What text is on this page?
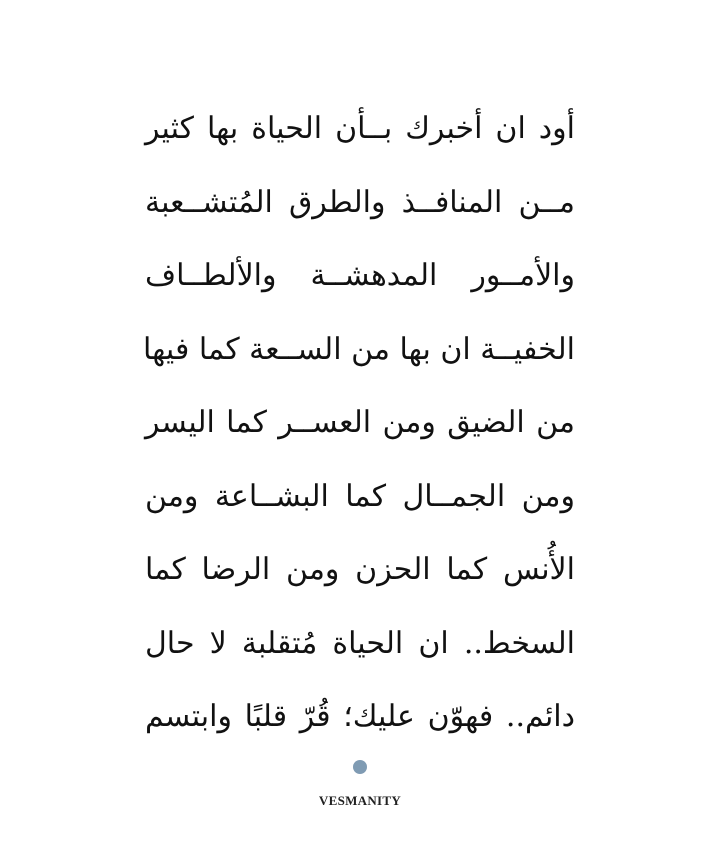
أود ان أخبرك بــأن الحياة بها كثير
مــن المنافــذ والطرق المُتشــعبة
والأمــور المدهشــة والألطــاف
الخفيــة ان بها من الســعة كما فيها
من الضيق ومن العســر كما اليسر
ومن الجمــال كما البشــاعة ومن
الأُنس كما الحزن ومن الرضا كما
السخط.. ان الحياة مُتقلبة لا حال
دائم.. فهوّن عليك؛ قُرّ قلبًا وابتسم
VESMANITY
